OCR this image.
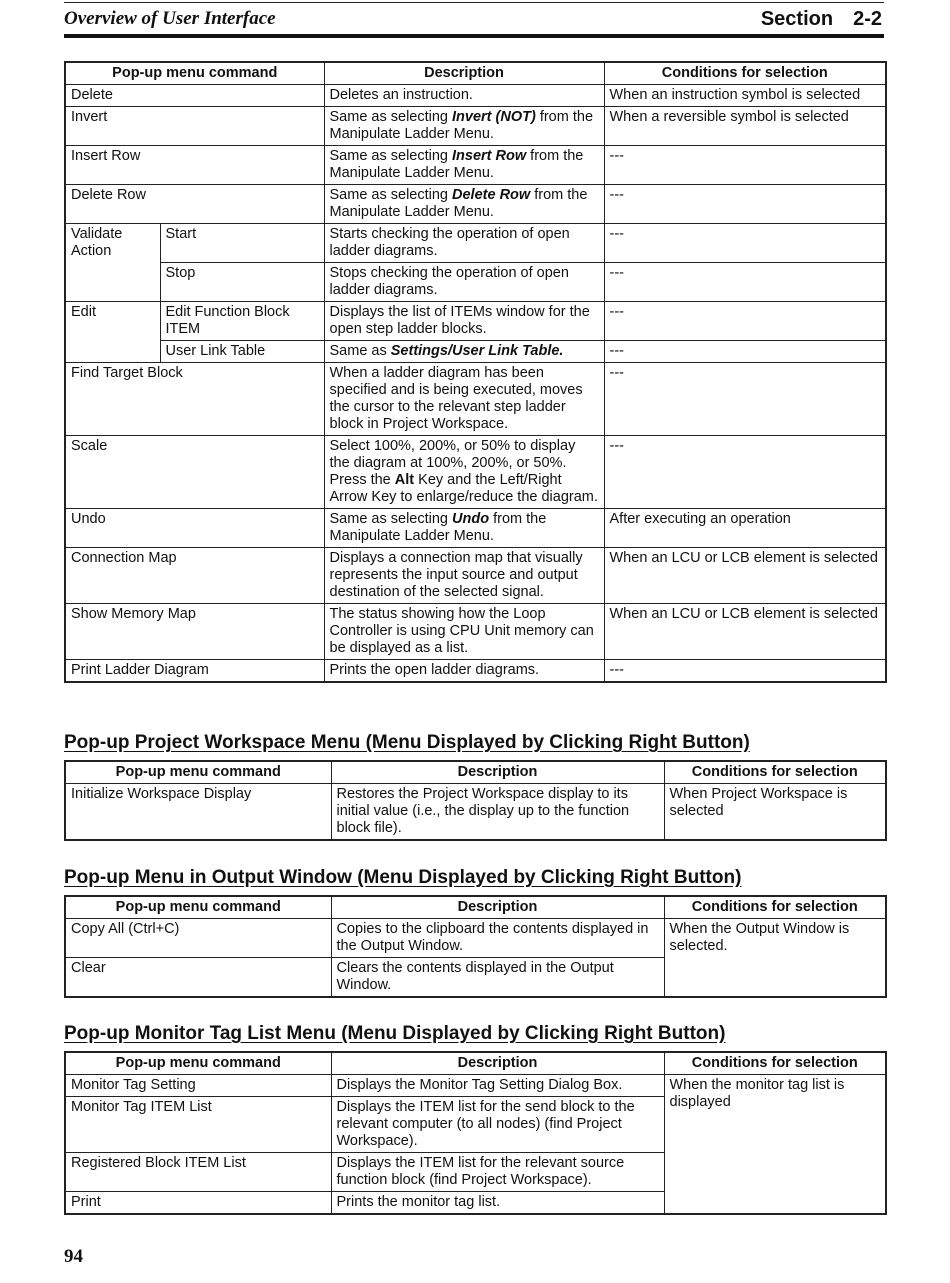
Overview of User Interface	Section 2-2
Pop-up menu command		Description	Conditions for selection
Delete		Deletes an instruction.	When an instruction symbol is selected
Invert		Same as selecting Invert (NOT) from the Manipulate Ladder Menu.	When a reversible symbol is selected
Insert Row		Same as selecting Insert Row from the Manipulate Ladder Menu.	---
Delete Row		Same as selecting Delete Row from the Manipulate Ladder Menu.	---
Validate Action	Start	Starts checking the operation of open ladder diagrams.	---
	Stop	Stops checking the operation of open ladder diagrams.	---
Edit	Edit Function Block ITEM	Displays the list of ITEMs window for the open step ladder blocks.	---
	User Link Table	Same as Settings/User Link Table.	---
Find Target Block		When a ladder diagram has been specified and is being executed, moves the cursor to the relevant step ladder block in Project Workspace.	---
Scale		Select 100%, 200%, or 50% to display the diagram at 100%, 200%, or 50%. Press the Alt Key and the Left/Right Arrow Key to enlarge/reduce the diagram.	---
Undo		Same as selecting Undo from the Manipulate Ladder Menu.	After executing an operation
Connection Map		Displays a connection map that visually represents the input source and output destination of the selected signal.	When an LCU or LCB element is selected
Show Memory Map		The status showing how the Loop Controller is using CPU Unit memory can be displayed as a list.	When an LCU or LCB element is selected
Print Ladder Diagram		Prints the open ladder diagrams.	---
Pop-up Project Workspace Menu (Menu Displayed by Clicking Right Button)
Pop-up menu command	Description	Conditions for selection
Initialize Workspace Display	Restores the Project Workspace display to its initial value (i.e., the display up to the function block file).	When Project Workspace is selected
Pop-up Menu in Output Window (Menu Displayed by Clicking Right Button)
Pop-up menu command	Description	Conditions for selection
Copy All (Ctrl+C)	Copies to the clipboard the contents displayed in the Output Window.	When the Output Window is selected.
Clear	Clears the contents displayed in the Output Window.	
Pop-up Monitor Tag List Menu (Menu Displayed by Clicking Right Button)
Pop-up menu command	Description	Conditions for selection
Monitor Tag Setting	Displays the Monitor Tag Setting Dialog Box.	When the monitor tag list is displayed
Monitor Tag ITEM List	Displays the ITEM list for the send block to the relevant computer (to all nodes) (find Project Workspace).	
Registered Block ITEM List	Displays the ITEM list for the relevant source function block (find Project Workspace).	
Print	Prints the monitor tag list.	
94
